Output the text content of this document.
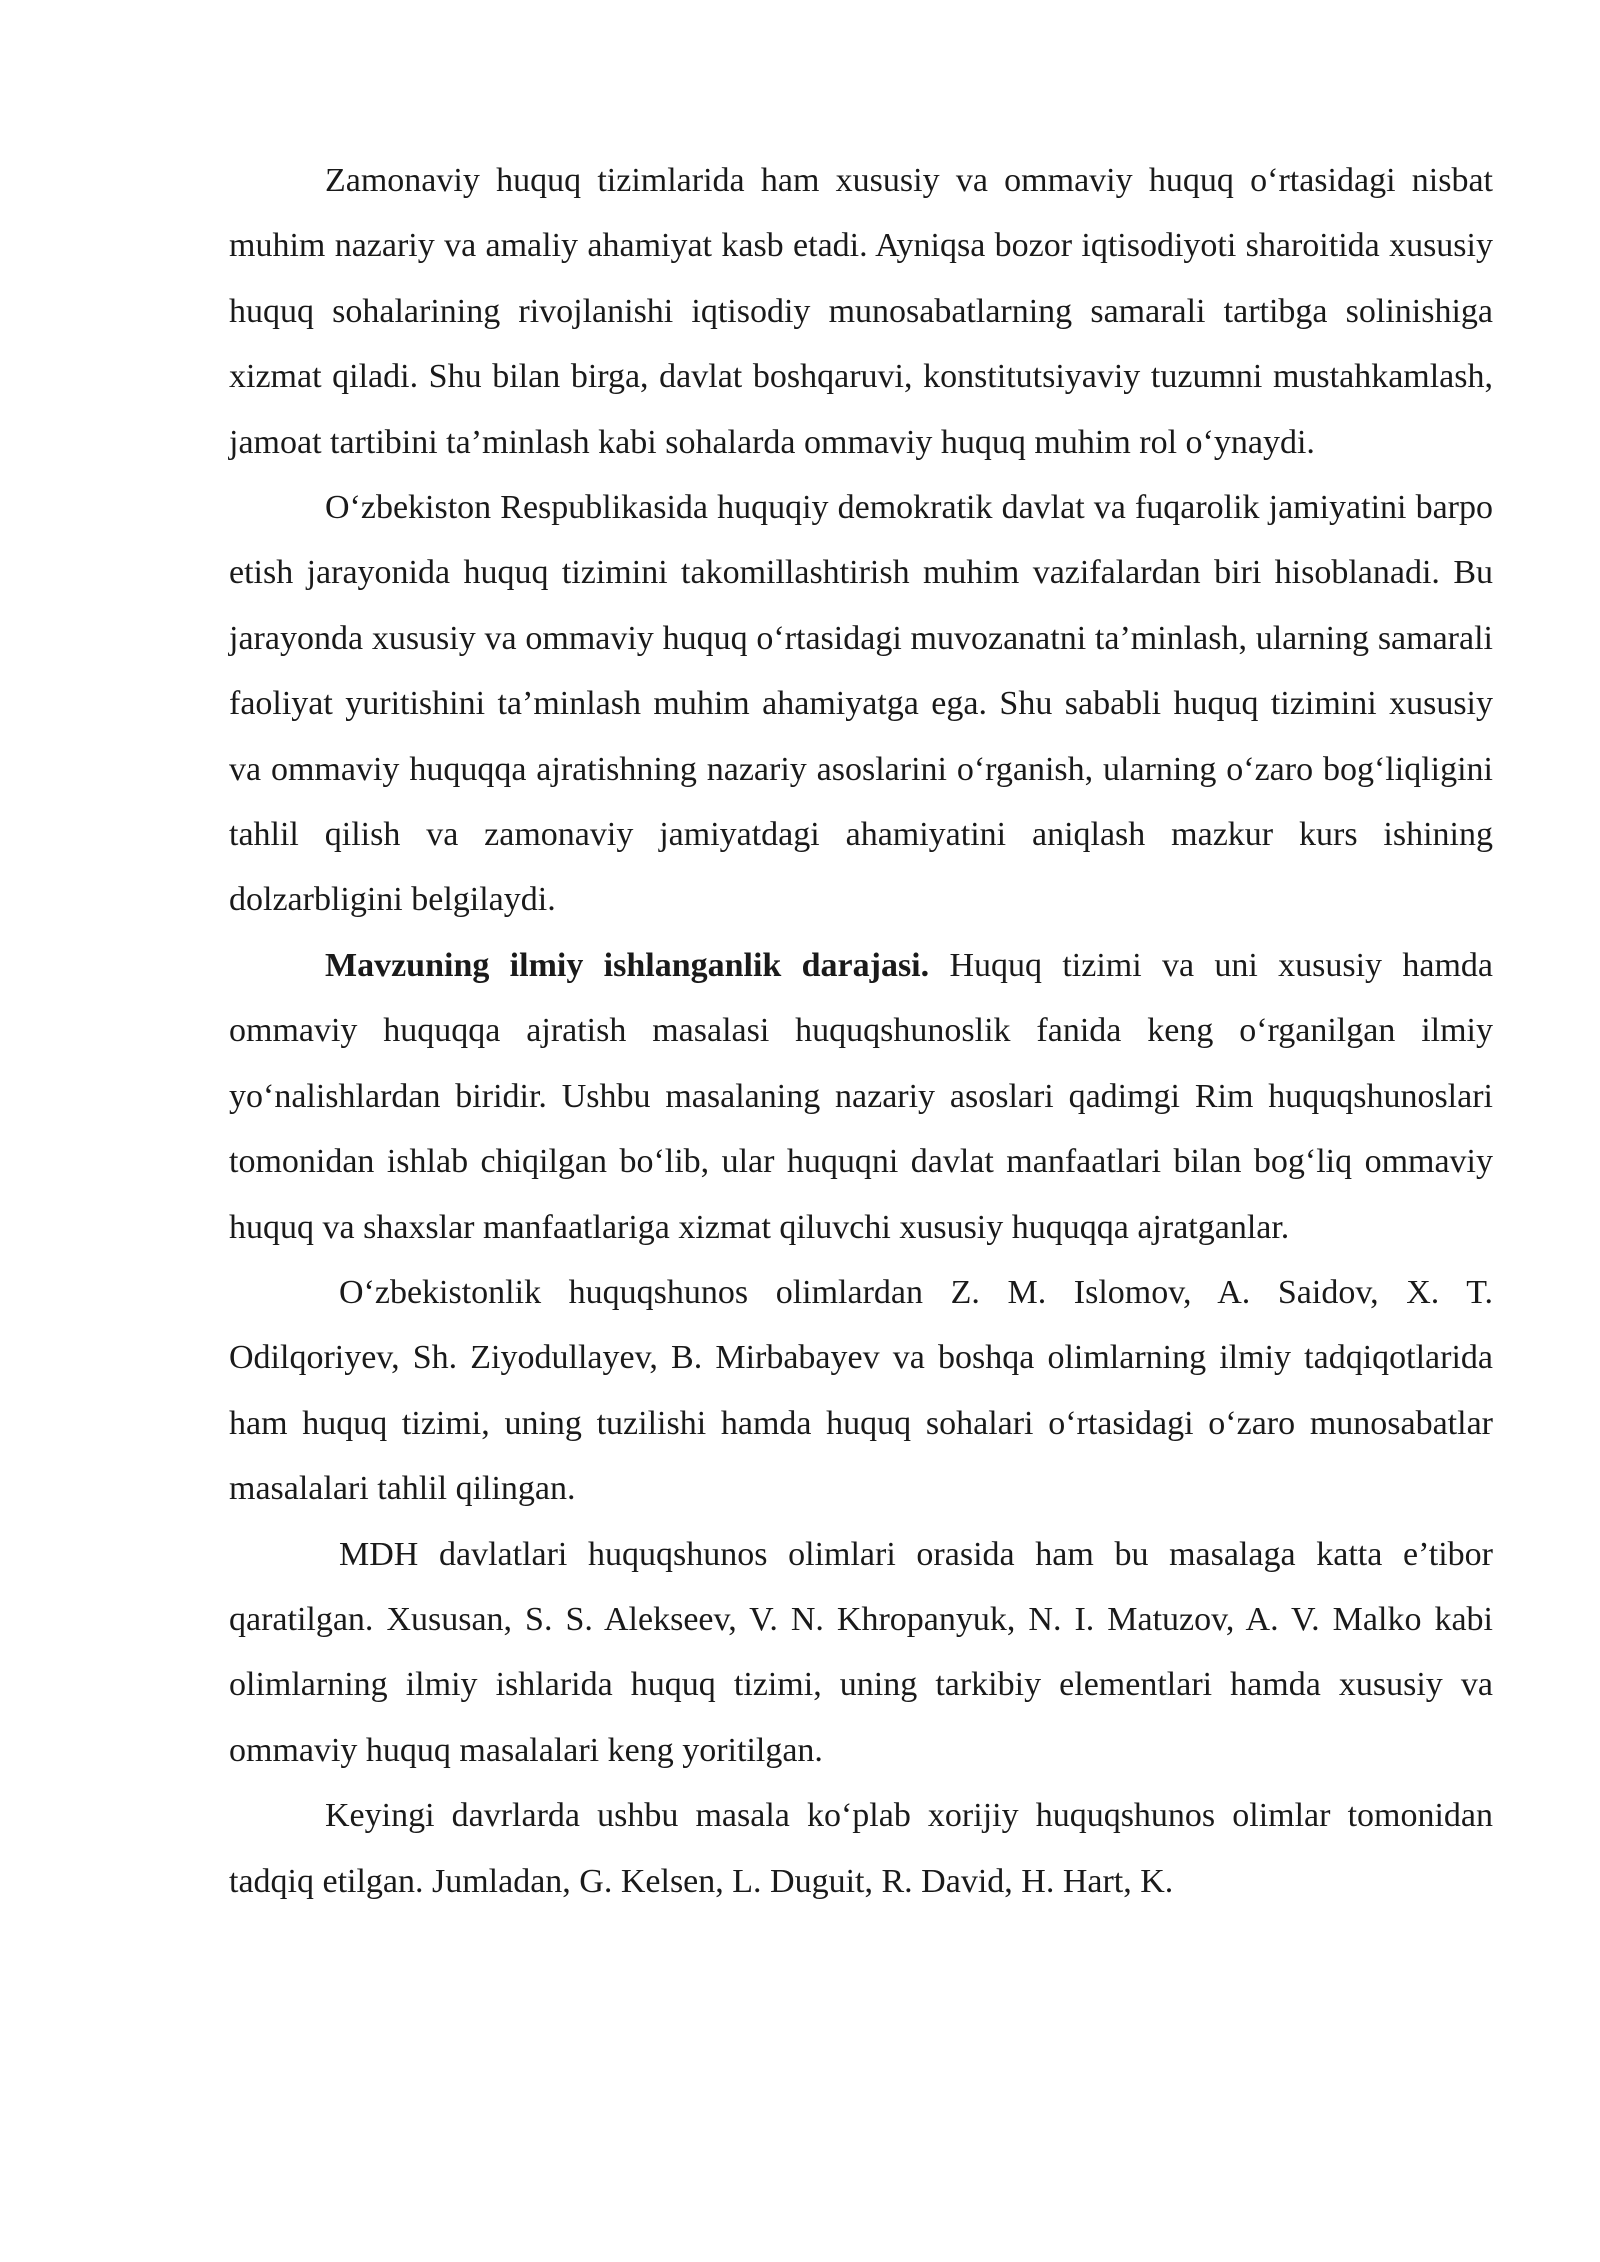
Zamonaviy huquq tizimlarida ham xususiy va ommaviy huquq o‘rtasidagi nisbat muhim nazariy va amaliy ahamiyat kasb etadi. Ayniqsa bozor iqtisodiyoti sharoitida xususiy huquq sohalarining rivojlanishi iqtisodiy munosabatlarning samarali tartibga solinishiga xizmat qiladi. Shu bilan birga, davlat boshqaruvi, konstitutsiyaviy tuzumni mustahkamlash, jamoat tartibini ta’minlash kabi sohalarda ommaviy huquq muhim rol o‘ynaydi.

O‘zbekiston Respublikasida huquqiy demokratik davlat va fuqarolik jamiyatini barpo etish jarayonida huquq tizimini takomillashtirish muhim vazifalardan biri hisoblanadi. Bu jarayonda xususiy va ommaviy huquq o‘rtasidagi muvozanatni ta’minlash, ularning samarali faoliyat yuritishini ta’minlash muhim ahamiyatga ega. Shu sababli huquq tizimini xususiy va ommaviy huquqqa ajratishning nazariy asoslarini o‘rganish, ularning o‘zaro bog‘liqligini tahlil qilish va zamonaviy jamiyatdagi ahamiyatini aniqlash mazkur kurs ishining dolzarbligini belgilaydi.

Mavzuning ilmiy ishlanganlik darajasi. Huquq tizimi va uni xususiy hamda ommaviy huquqqa ajratish masalasi huquqshunoslik fanida keng o‘rganilgan ilmiy yo‘nalishlardan biridir. Ushbu masalaning nazariy asoslari qadimgi Rim huquqshunoslari tomonidan ishlab chiqilgan bo‘lib, ular huquqni davlat manfaatlari bilan bog‘liq ommaviy huquq va shaxslar manfaatlariga xizmat qiluvchi xususiy huquqqa ajratganlar.

O‘zbekistonlik huquqshunos olimlardan Z. M. Islomov, A. Saidov, X. T. Odilqoriyev, Sh. Ziyodullayev, B. Mirbabayev va boshqa olimlarning ilmiy tadqiqotlarida ham huquq tizimi, uning tuzilishi hamda huquq sohalari o‘rtasidagi o‘zaro munosabatlar masalalari tahlil qilingan.

MDH davlatlari huquqshunos olimlari orasida ham bu masalaga katta e’tibor qaratilgan. Xususan, S. S. Alekseev, V. N. Khropanyuk, N. I. Matuzov, A. V. Malko kabi olimlarning ilmiy ishlarida huquq tizimi, uning tarkibiy elementlari hamda xususiy va ommaviy huquq masalalari keng yoritilgan.

Keyingi davrlarda ushbu masala ko‘plab xorijiy huquqshunos olimlar tomonidan tadqiq etilgan. Jumladan, G. Kelsen, L. Duguit, R. David, H. Hart, K.
